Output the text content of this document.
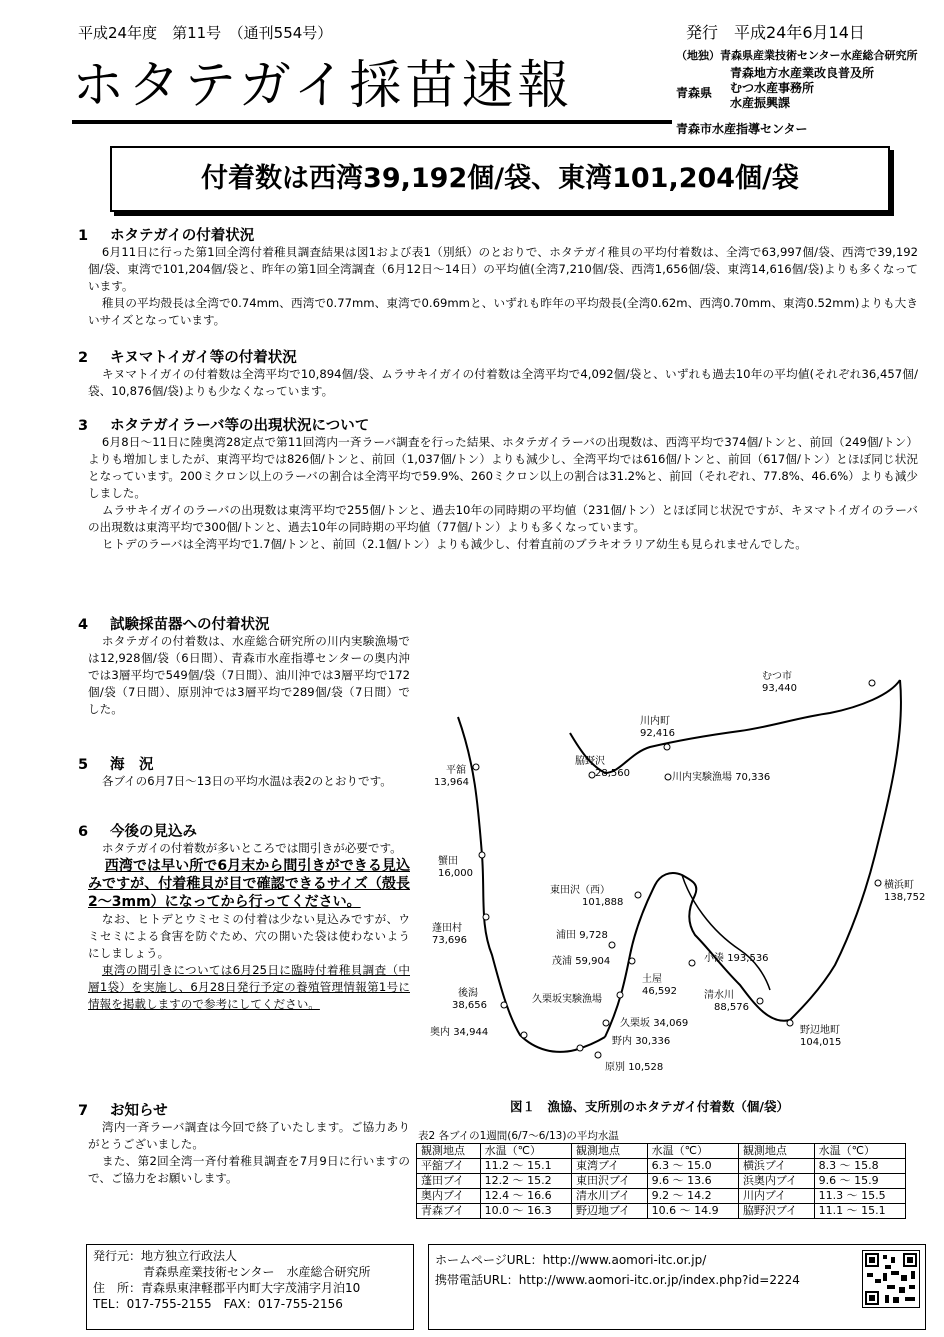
平成24年度　第11号　（通刊554号）	発行　平成24年6月14日
ホタテガイ採苗速報
（地独）青森県産業技術センター水産総合研究所
青森県
青森地方水産業改良普及所
むつ水産事務所
水産振興課
青森市水産指導センター
付着数は西湾39,192個/袋、東湾101,204個/袋
1 ホタテガイの付着状況

6月11日に行った第1回全湾付着稚貝調査結果は図1および表1（別紙）のとおりで、ホタテガイ稚貝の平均付着数は、全湾で63,997個/袋、西湾で39,192個/袋、東湾で101,204個/袋と、昨年の第1回全湾調査（6月12日～14日）の平均値(全湾7,210個/袋、西湾1,656個/袋、東湾14,616個/袋)よりも多くなっています。

稚貝の平均殻長は全湾で0.74mm、西湾で0.77mm、東湾で0.69mmと、いずれも昨年の平均殻長(全湾0.62m、西湾0.70mm、東湾0.52mm)よりも大きいサイズとなっています。

2 キヌマトイガイ等の付着状況

キヌマトイガイの付着数は全湾平均で10,894個/袋、ムラサキイガイの付着数は全湾平均で4,092個/袋と、いずれも過去10年の平均値(それぞれ36,457個/袋、10,876個/袋)よりも少なくなっています。

3 ホタテガイラーバ等の出現状況について

6月8日～11日に陸奥湾28定点で第11回湾内一斉ラーバ調査を行った結果、ホタテガイラーバの出現数は、西湾平均で374個/トンと、前回（249個/トン）よりも増加しましたが、東湾平均では826個/トンと、前回（1,037個/トン）よりも減少し、全湾平均では616個/トンと、前回（617個/トン）とほぼ同じ状況となっています。200ミクロン以上のラーバの割合は全湾平均で59.9%、260ミクロン以上の割合は31.2%と、前回（それぞれ、77.8%、46.6%）よりも減少しました。

ムラサキイガイのラーバの出現数は東湾平均で255個/トンと、過去10年の同時期の平均値（231個/トン）とほぼ同じ状況ですが、キヌマトイガイのラーバの出現数は東湾平均で300個/トンと、過去10年の同時期の平均値（77個/トン）よりも多くなっています。

ヒトデのラーバは全湾平均で1.7個/トンと、前回（2.1個/トン）よりも減少し、付着直前のブラキオラリア幼生も見られませんでした。

4 試験採苗器への付着状況

ホタテガイの付着数は、水産総合研究所の川内実験漁場では12,928個/袋（6日間）、青森市水産指導センターの奥内沖では3層平均で549個/袋（7日間）、油川沖では3層平均で172個/袋（7日間）、原別沖では3層平均で289個/袋（7日間）でした。

5 海　況

各ブイの6月7日～13日の平均水温は表2のとおりです。

6 今後の見込み

ホタテガイの付着数が多いところでは間引きが必要です。

西湾では早い所で6月末から間引きができる見込みですが、付着稚貝が目で確認できるサイズ（殻長2～3mm）になってから行ってください。

なお、ヒトデとウミセミの付着は少ない見込みですが、ウミセミによる食害を防ぐため、穴の開いた袋は使わないようにしましょう。

東湾の間引きについては6月25日に臨時付着稚貝調査（中層1袋）を実施し、6月28日発行予定の養殖管理情報第1号に情報を掲載しますので参考にしてください。

7 お知らせ

湾内一斉ラーバ調査は今回で終了いたします。ご協力ありがとうございました。

また、第2回全湾一斉付着稚貝調査を7月9日に行いますので、ご協力をお願いします。

むつ市
93,440
川内町
92,416
脇野沢
28,560	川内実験漁場 70,336
平舘
13,964
蟹田
16,000
東田沢（西）
101,888
横浜町
138,752
蓬田村
73,696	浦田 9,728
茂浦 59,904	小湊 193,536
土屋
46,592
後潟
38,656
久栗坂実験漁場	清水川
88,576
奥内 34,944
久栗坂 34,069
野内 30,336
野辺地町
104,015
原別 10,528
図１　漁協、支所別のホタテガイ付着数（個/袋）
表2 各ブイの1週間(6/7～6/13)の平均水温
観測地点	水温（℃）	観測地点	水温（℃）	観測地点	水温（℃）
平舘ブイ	11.2 ～ 15.1	東湾ブイ	6.3 ～ 15.0	横浜ブイ	8.3 ～ 15.8
蓬田ブイ	12.2 ～ 15.2	東田沢ブイ	9.6 ～ 13.6	浜奥内ブイ	9.6 ～ 15.9
奥内ブイ	12.4 ～ 16.6	清水川ブイ	9.2 ～ 14.2	川内ブイ	11.3 ～ 15.5
青森ブイ	10.0 ～ 16.3	野辺地ブイ	10.6 ～ 14.9	脇野沢ブイ	11.1 ～ 15.1
発行元：地方独立行政法人
青森県産業技術センター　水産総合研究所
住　所：青森県東津軽郡平内町大字茂浦字月泊10
TEL：017-755-2155　FAX：017-755-2156
ホームページURL：http://www.aomori-itc.or.jp/
携帯電話URL：http://www.aomori-itc.or.jp/index.php?id=2224
